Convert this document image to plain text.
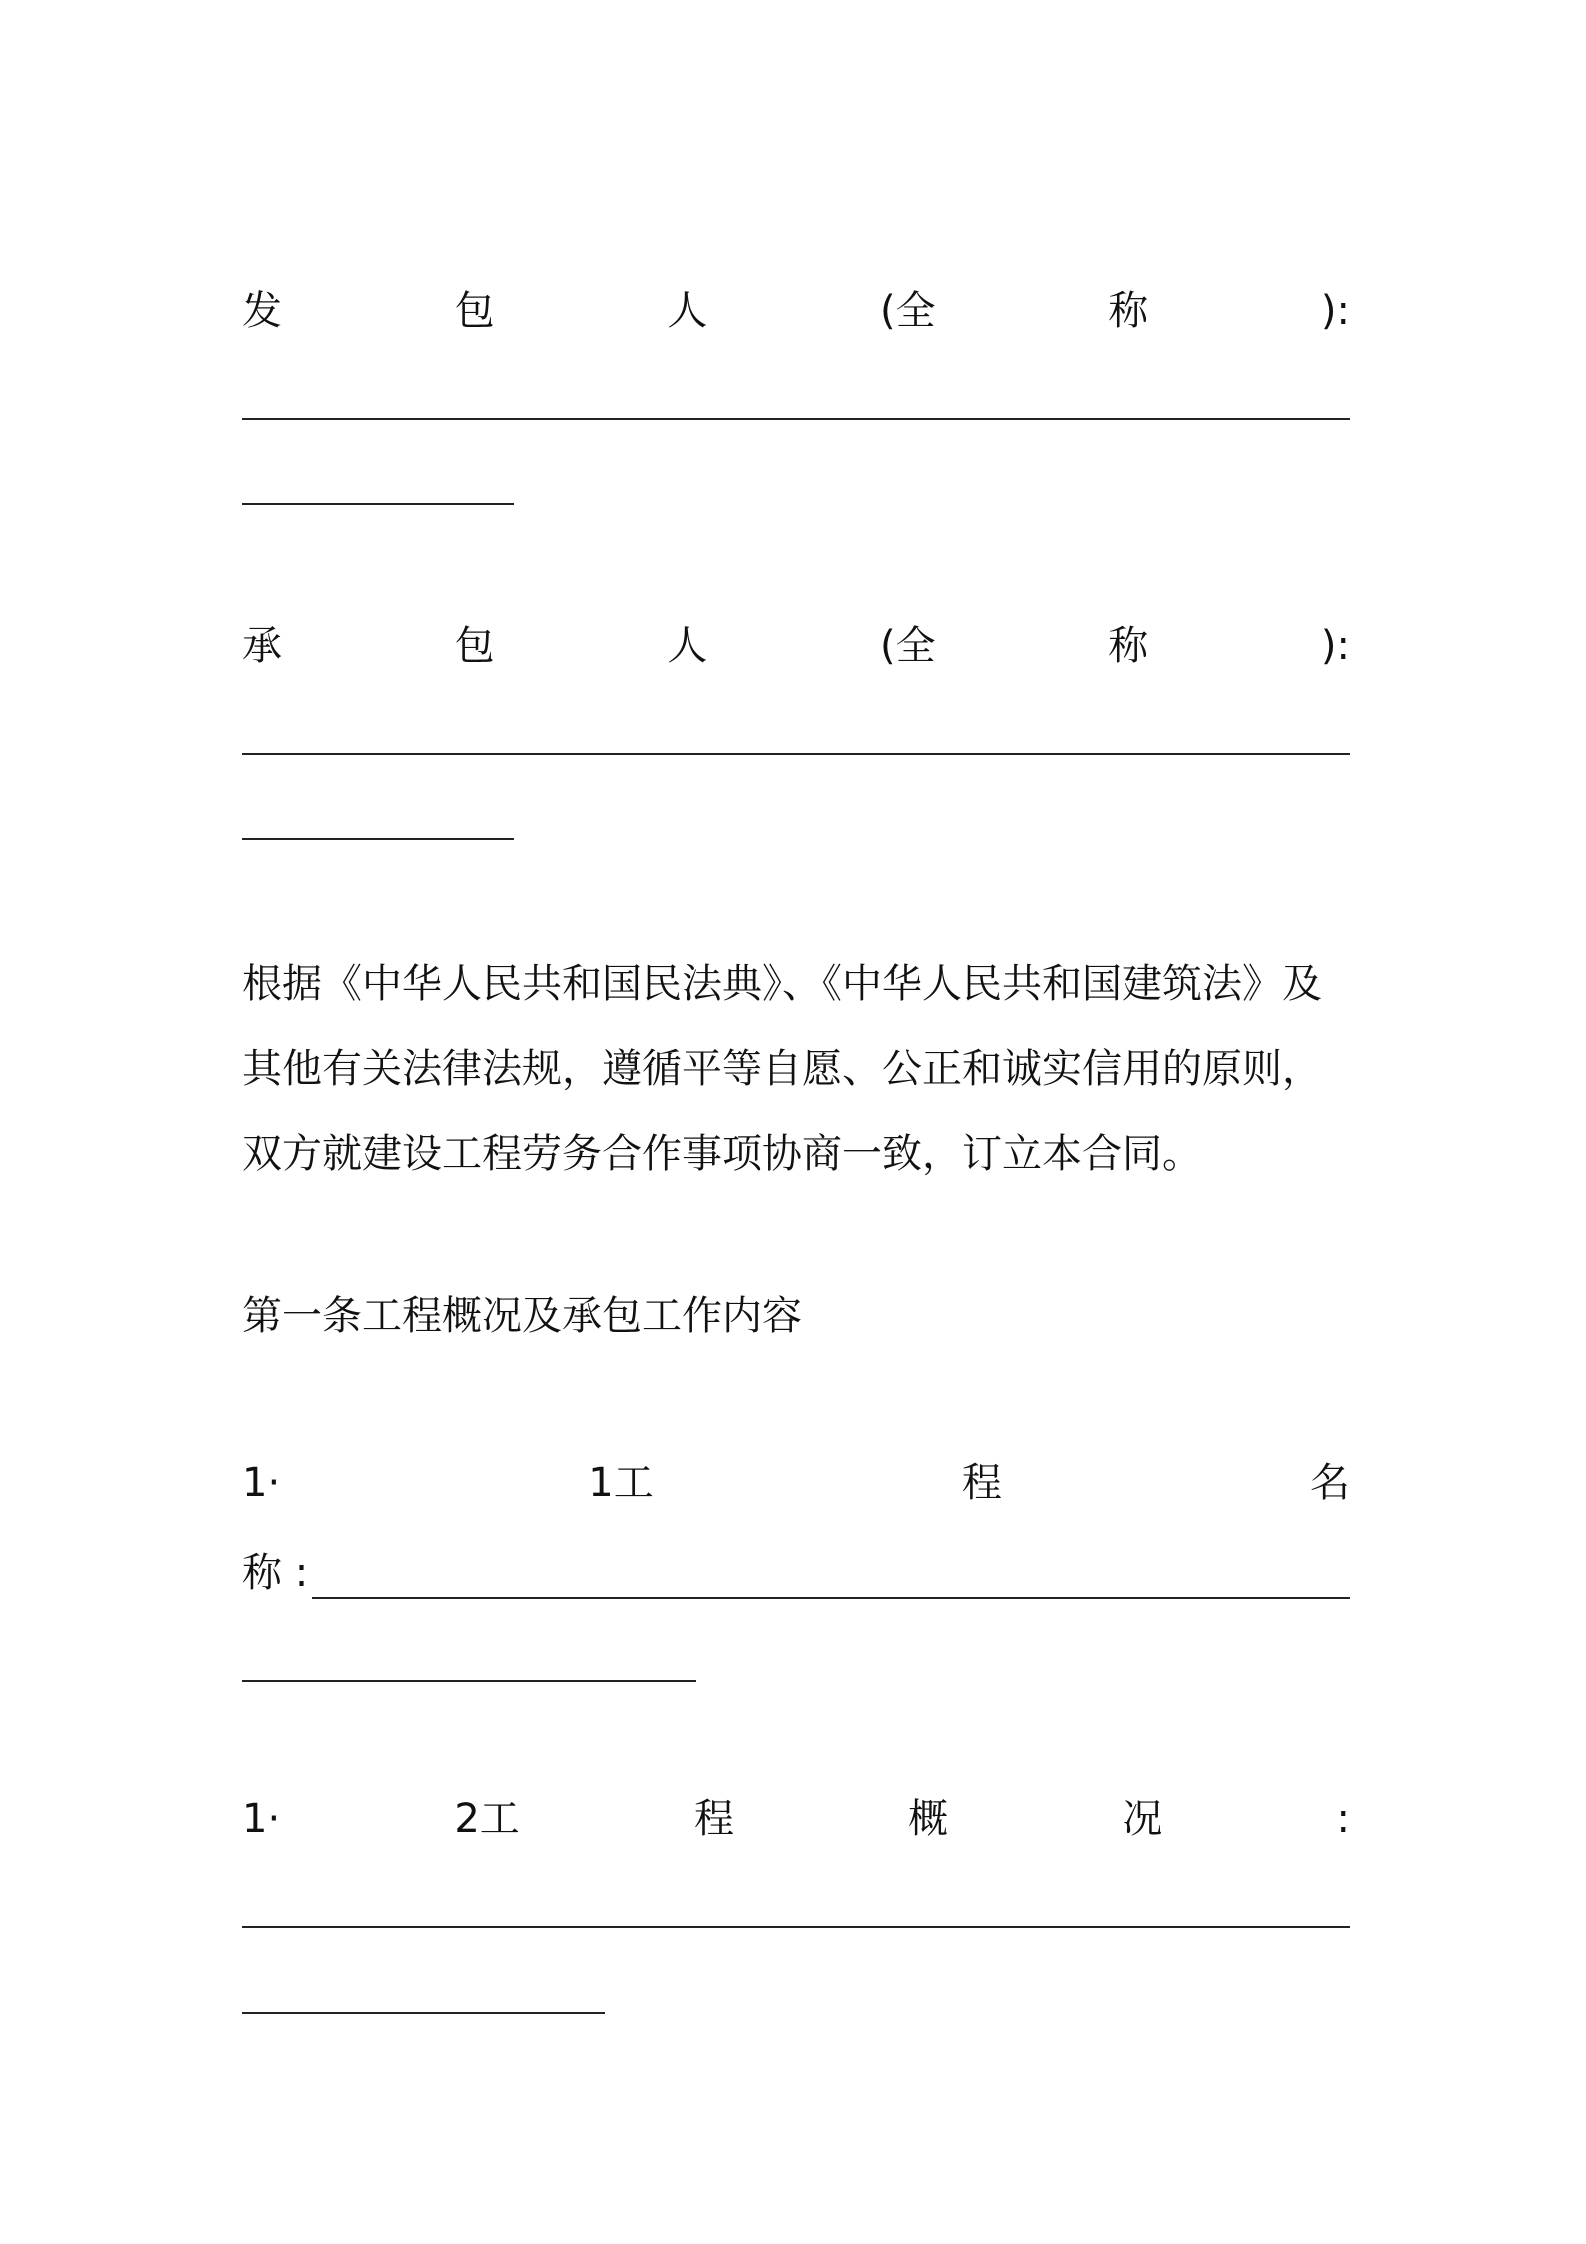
发	包	人	(全	称	):
承	包	人	(全	称	):
根据《中华人民共和国民法典》、《中华人民共和国建筑法》及其他有关法律法规，遵循平等自愿、公正和诚实信用的原则，双方就建设工程劳务合作事项协商一致，订立本合同。
第一条工程概况及承包工作内容
1·	1工	程	名
称 :
1·	2工	程	概	况	:
